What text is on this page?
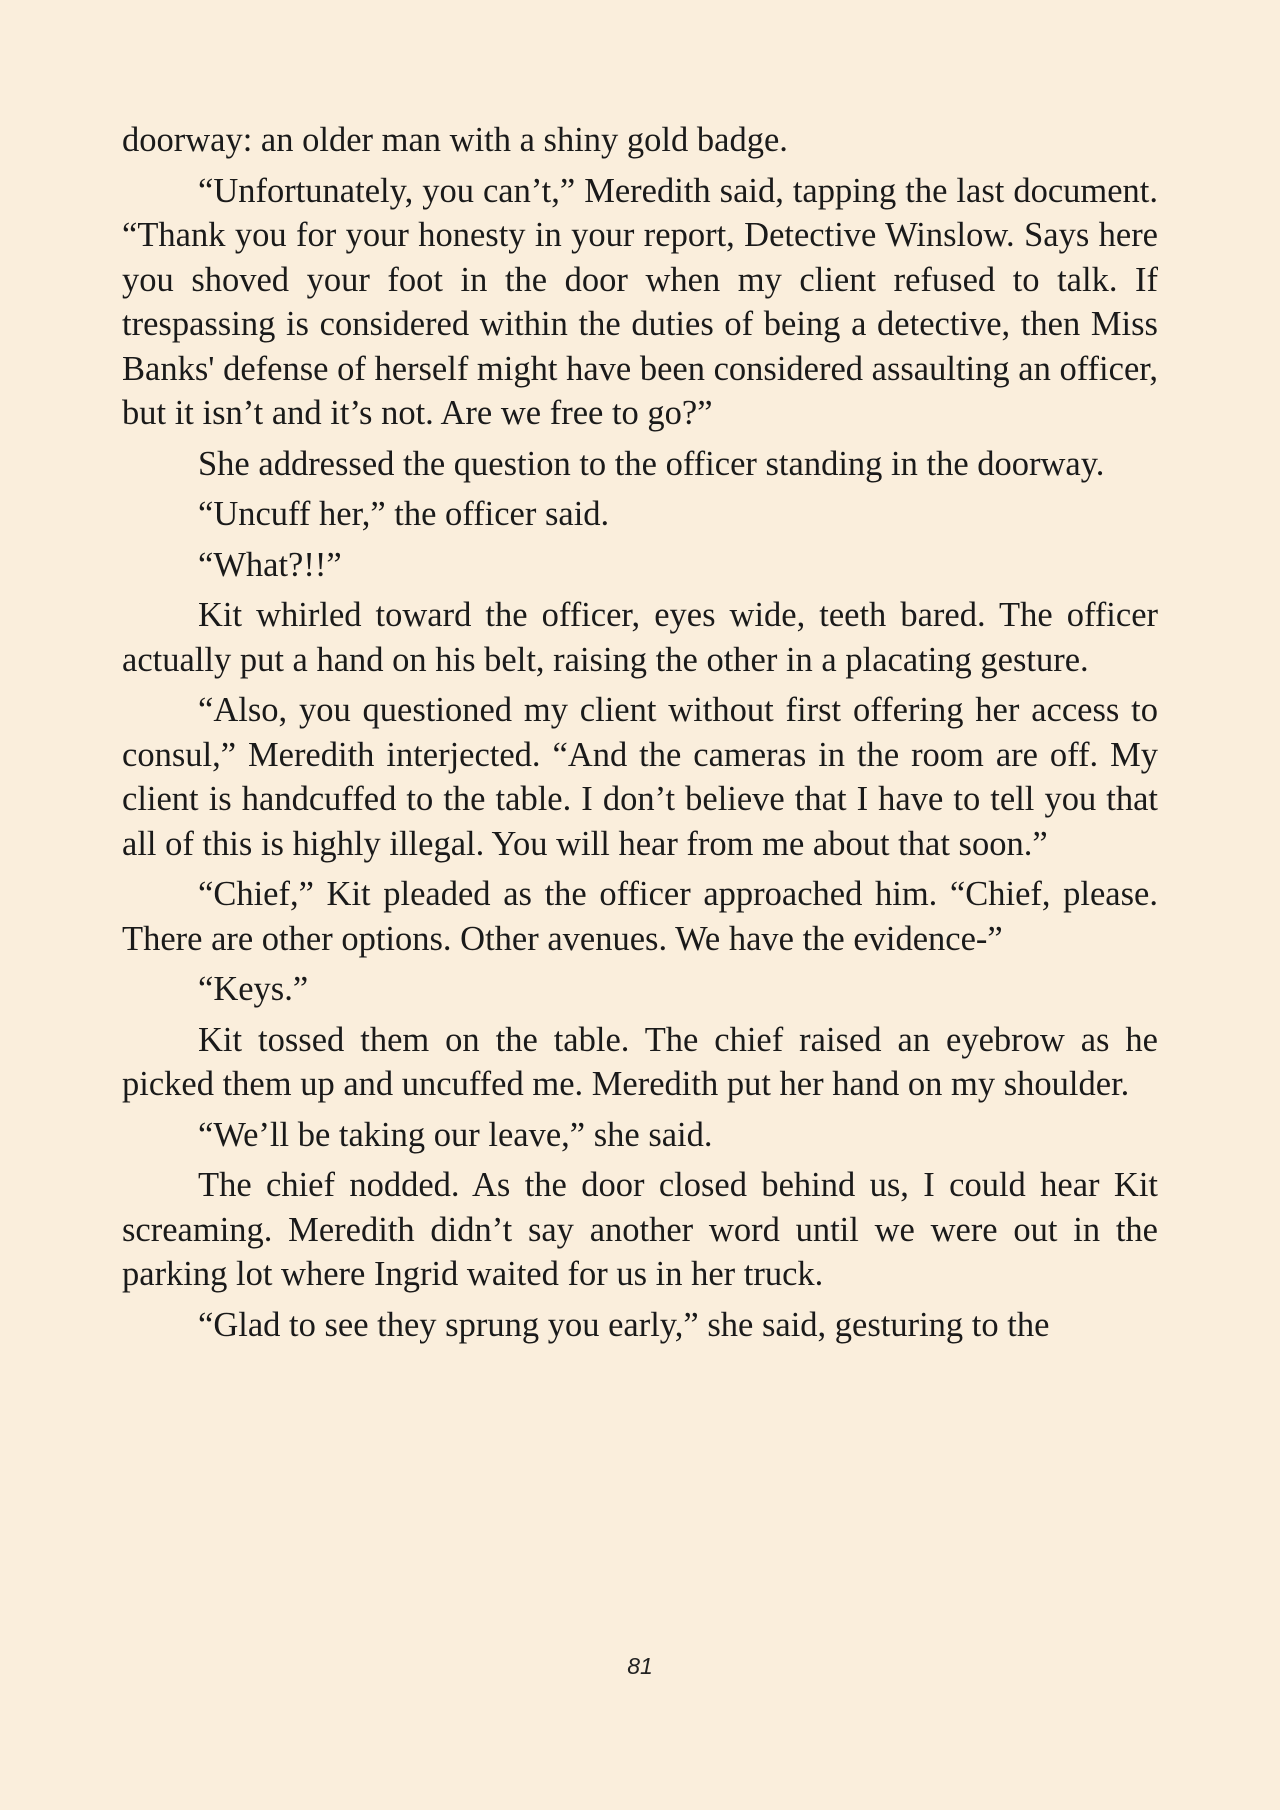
doorway: an older man with a shiny gold badge.

“Unfortunately, you can’t,” Meredith said, tapping the last document. “Thank you for your honesty in your report, Detective Winslow. Says here you shoved your foot in the door when my client refused to talk. If trespassing is considered within the duties of being a detective, then Miss Banks' defense of herself might have been considered assaulting an officer, but it isn’t and it’s not. Are we free to go?”

She addressed the question to the officer standing in the doorway.

“Uncuff her,” the officer said.

“What?!!”

Kit whirled toward the officer, eyes wide, teeth bared. The officer actually put a hand on his belt, raising the other in a placating gesture.

“Also, you questioned my client without first offering her access to consul,” Meredith interjected. “And the cameras in the room are off. My client is handcuffed to the table. I don’t believe that I have to tell you that all of this is highly illegal. You will hear from me about that soon.”

“Chief,” Kit pleaded as the officer approached him. “Chief, please. There are other options. Other avenues. We have the evidence-”

“Keys.”

Kit tossed them on the table. The chief raised an eyebrow as he picked them up and uncuffed me. Meredith put her hand on my shoulder.

“We’ll be taking our leave,” she said.

The chief nodded. As the door closed behind us, I could hear Kit screaming. Meredith didn’t say another word until we were out in the parking lot where Ingrid waited for us in her truck.

“Glad to see they sprung you early,” she said, gesturing to the

81
